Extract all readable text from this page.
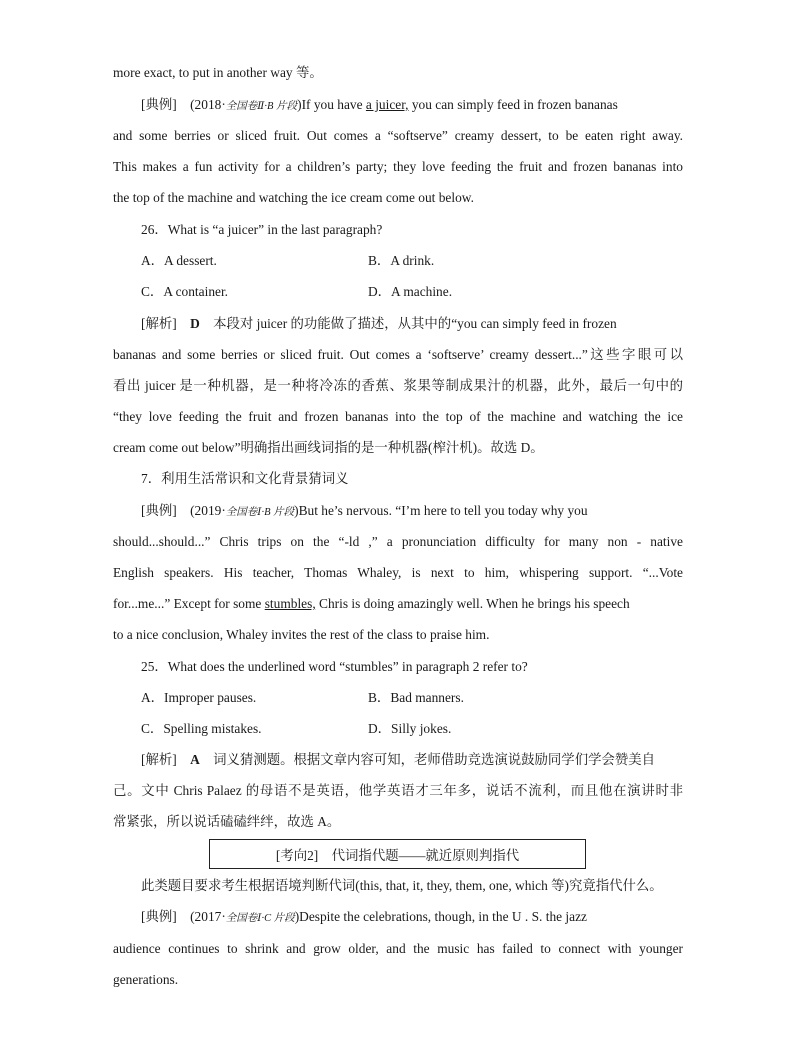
more exact, to put in another way 等。
[典例]　 (2018·全国卷Ⅱ·B 片段)If you have a juicer, you can simply feed in frozen bananas
and some berries or sliced fruit. Out comes a “softserve” creamy dessert, to be eaten right away.
This makes a fun activity for a children’s party; they love feeding the fruit and frozen bananas into
the top of the machine and watching the ice cream come out below.
26．What is “a juicer” in the last paragraph?
A．A dessert.	B．A drink.
C．A container.	D．A machine.
[解析]　 D　 本段对 juicer 的功能做了描述，从其中的“you can simply feed in frozen
bananas and some berries or sliced fruit. Out comes a ‘softserve’ creamy dessert...”这些字眼可以
看出 juicer 是一种机器，是一种将冷冻的香蕉、浆果等制成果汁的机器，此外，最后一句中的
“they love feeding the fruit and frozen bananas into the top of the machine and watching the ice
cream come out below”明确指出画线词指的是一种机器(榨汁机)。故选 D。
7．利用生活常识和文化背景猜词义
[典例]　 (2019·全国卷Ⅰ·B 片段)But he’s nervous. “I’m here to tell you today why you
should...should...” Chris trips on the “-ld ,” a pronunciation difficulty for many non - native
English speakers. His teacher, Thomas Whaley, is next to him, whispering support. “...Vote
for...me...” Except for some stumbles, Chris is doing amazingly well. When he brings his speech
to a nice conclusion, Whaley invites the rest of the class to praise him.
25．What does the underlined word “stumbles” in paragraph 2 refer to?
A．Improper pauses.	B．Bad manners.
C．Spelling mistakes.	D．Silly jokes.
[解析]　 A　 词义猜测题。根据文章内容可知，老师借助竞选演说鼓励同学们学会赞美自
己。文中 Chris Palaez 的母语不是英语，他学英语才三年多，说话不流利，而且他在演讲时非
常紧张，所以说话磕磕绊绊，故选 A。
[考向2]　代词指代题——就近原则判指代
此类题目要求考生根据语境判断代词(this, that, it, they, them, one, which 等)究竟指代什么。
[典例]　 (2017·全国卷Ⅰ·C 片段)Despite the celebrations, though, in the U . S. the jazz
audience continues to shrink and grow older, and the music has failed to connect with younger
generations.
